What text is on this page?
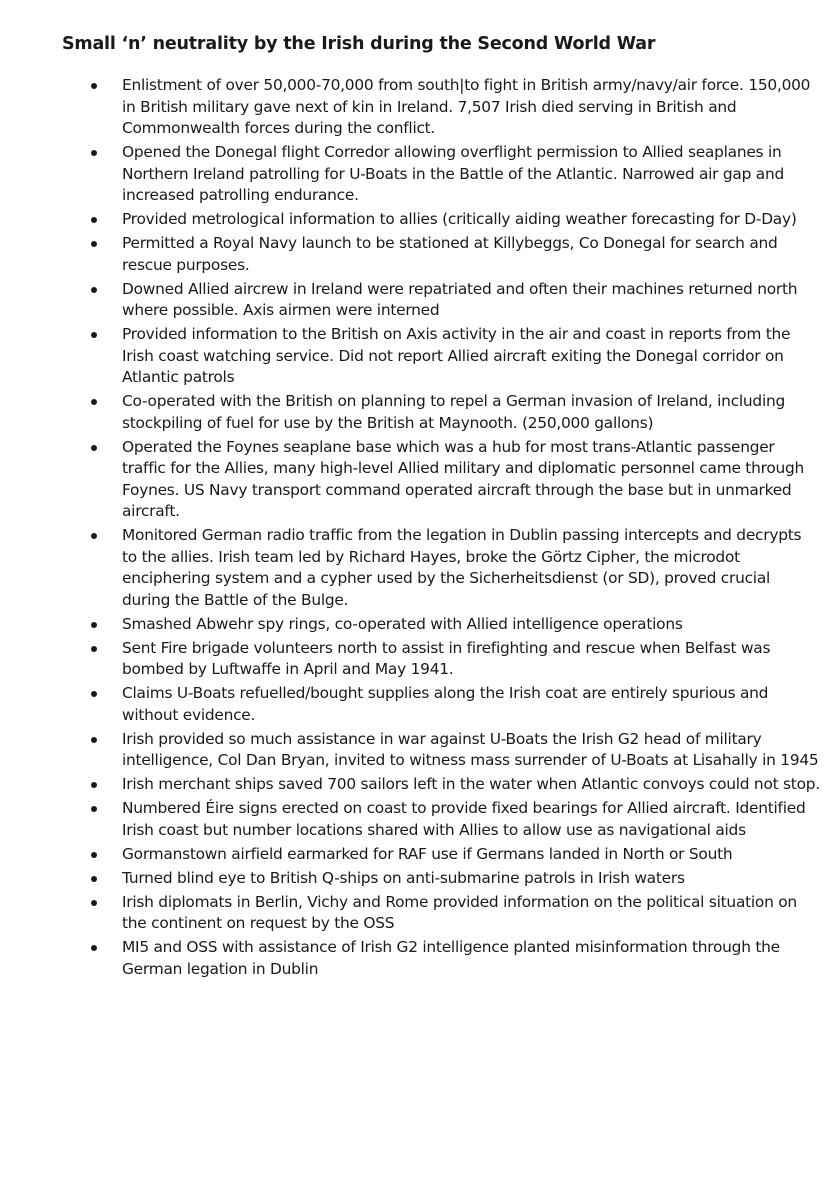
Small ‘n’ neutrality by the Irish during the Second World War
Enlistment of over 50,000-70,000 from south|to fight in British army/navy/air force. 150,000 in British military gave next of kin in Ireland. 7,507 Irish died serving in British and Commonwealth forces during the conflict.
Opened the Donegal flight Corredor allowing overflight permission to Allied seaplanes in Northern Ireland patrolling for U-Boats in the Battle of the Atlantic. Narrowed air gap and increased patrolling endurance.
Provided metrological information to allies (critically aiding weather forecasting for D-Day)
Permitted a Royal Navy launch to be stationed at Killybeggs, Co Donegal for search and rescue purposes.
Downed Allied aircrew in Ireland were repatriated and often their machines returned north where possible. Axis airmen were interned
Provided information to the British on Axis activity in the air and coast in reports from the Irish coast watching service. Did not report Allied aircraft exiting the Donegal corridor on Atlantic patrols
Co-operated with the British on planning to repel a German invasion of Ireland, including stockpiling of fuel for use by the British at Maynooth. (250,000 gallons)
Operated the Foynes seaplane base which was a hub for most trans-Atlantic passenger traffic for the Allies, many high-level Allied military and diplomatic personnel came through Foynes. US Navy transport command operated aircraft through the base but in unmarked aircraft.
Monitored German radio traffic from the legation in Dublin passing intercepts and decrypts to the allies. Irish team led by Richard Hayes, broke the Görtz Cipher, the microdot enciphering system and a cypher used by the Sicherheitsdienst (or SD), proved crucial during the Battle of the Bulge.
Smashed Abwehr spy rings, co-operated with Allied intelligence operations
Sent Fire brigade volunteers north to assist in firefighting and rescue when Belfast was bombed by Luftwaffe in April and May 1941.
Claims U-Boats refuelled/bought supplies along the Irish coat are entirely spurious and without evidence.
Irish provided so much assistance in war against U-Boats the Irish G2 head of military intelligence, Col Dan Bryan, invited to witness mass surrender of U-Boats at Lisahally in 1945
Irish merchant ships saved 700 sailors left in the water when Atlantic convoys could not stop.
Numbered Éire signs erected on coast to provide fixed bearings for Allied aircraft. Identified Irish coast but number locations shared with Allies to allow use as navigational aids
Gormanstown airfield earmarked for RAF use if Germans landed in North or South
Turned blind eye to British Q-ships on anti-submarine patrols in Irish waters
Irish diplomats in Berlin, Vichy and Rome provided information on the political situation on the continent on request by the OSS
MI5 and OSS with assistance of Irish G2 intelligence planted misinformation through the German legation in Dublin
